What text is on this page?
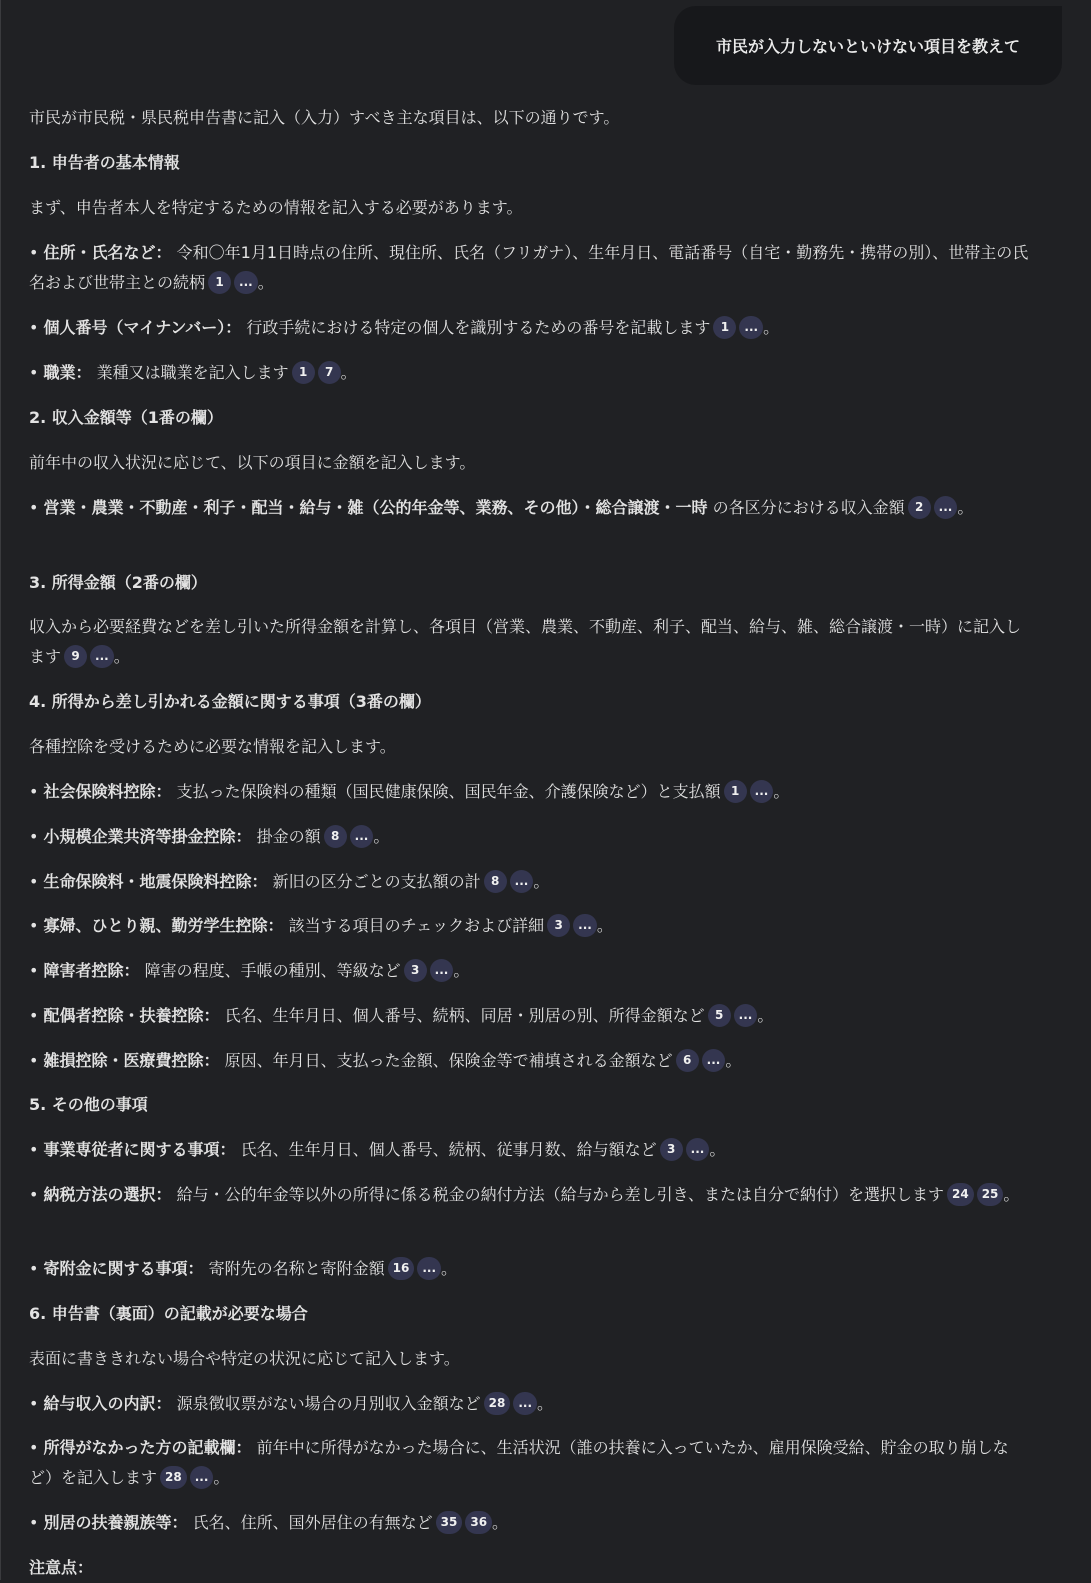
市民が入力しないといけない項目を教えて

市民が市民税・県民税申告書に記入（入力）すべき主な項目は、以下の通りです。

1. 申告者の基本情報

まず、申告者本人を特定するための情報を記入する必要があります。

• 住所・氏名など： 令和〇年1月1日時点の住所、現住所、氏名（フリガナ）、生年月日、電話番号（自宅・勤務先・携帯の別）、世帯主の氏名および世帯主との続柄 1 ... 。

• 個人番号（マイナンバー）： 行政手続における特定の個人を識別するための番号を記載します 1 ... 。

• 職業： 業種又は職業を記入します 1 7 。

2. 収入金額等（1番の欄）

前年中の収入状況に応じて、以下の項目に金額を記入します。

• 営業・農業・不動産・利子・配当・給与・雑（公的年金等、業務、その他）・総合譲渡・一時 の各区分における収入金額 2 ... 。

3. 所得金額（2番の欄）

収入から必要経費などを差し引いた所得金額を計算し、各項目（営業、農業、不動産、利子、配当、給与、雑、総合譲渡・一時）に記入します 9 ... 。

4. 所得から差し引かれる金額に関する事項（3番の欄）

各種控除を受けるために必要な情報を記入します。

• 社会保険料控除： 支払った保険料の種類（国民健康保険、国民年金、介護保険など）と支払額 1 ... 。

• 小規模企業共済等掛金控除： 掛金の額 8 ... 。

• 生命保険料・地震保険料控除： 新旧の区分ごとの支払額の計 8 ... 。

• 寡婦、ひとり親、勤労学生控除： 該当する項目のチェックおよび詳細 3 ... 。

• 障害者控除： 障害の程度、手帳の種別、等級など 3 ... 。

• 配偶者控除・扶養控除： 氏名、生年月日、個人番号、続柄、同居・別居の別、所得金額など 5 ... 。

• 雑損控除・医療費控除： 原因、年月日、支払った金額、保険金等で補填される金額など 6 ... 。

5. その他の事項

• 事業専従者に関する事項： 氏名、生年月日、個人番号、続柄、従事月数、給与額など 3 ... 。

• 納税方法の選択： 給与・公的年金等以外の所得に係る税金の納付方法（給与から差し引き、または自分で納付）を選択します 24 25 。

• 寄附金に関する事項： 寄附先の名称と寄附金額 16 ... 。

6. 申告書（裏面）の記載が必要な場合

表面に書ききれない場合や特定の状況に応じて記入します。

• 給与収入の内訳： 源泉徴収票がない場合の月別収入金額など 28 ... 。

• 所得がなかった方の記載欄： 前年中に所得がなかった場合に、生活状況（誰の扶養に入っていたか、雇用保険受給、貯金の取り崩しなど）を記入します 28 ... 。

• 別居の扶養親族等： 氏名、住所、国外居住の有無など 35 36 。

注意点：
